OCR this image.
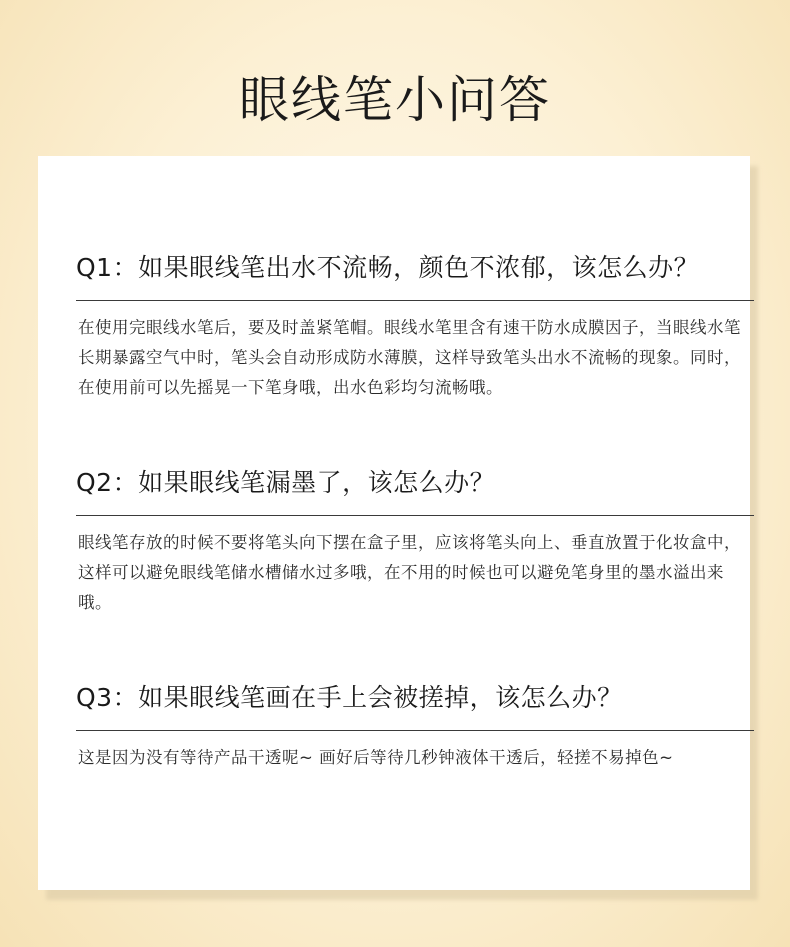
眼线笔小问答
Q1：如果眼线笔出水不流畅，颜色不浓郁，该怎么办？
在使用完眼线水笔后，要及时盖紧笔帽。眼线水笔里含有速干防水成膜因子，当眼线水笔长期暴露空气中时，笔头会自动形成防水薄膜，这样导致笔头出水不流畅的现象。同时，在使用前可以先摇晃一下笔身哦，出水色彩均匀流畅哦。
Q2：如果眼线笔漏墨了，该怎么办？
眼线笔存放的时候不要将笔头向下摆在盒子里，应该将笔头向上、垂直放置于化妆盒中，这样可以避免眼线笔储水槽储水过多哦，在不用的时候也可以避免笔身里的墨水溢出来哦。
Q3：如果眼线笔画在手上会被搓掉，该怎么办？
这是因为没有等待产品干透呢~ 画好后等待几秒钟液体干透后，轻搓不易掉色~
